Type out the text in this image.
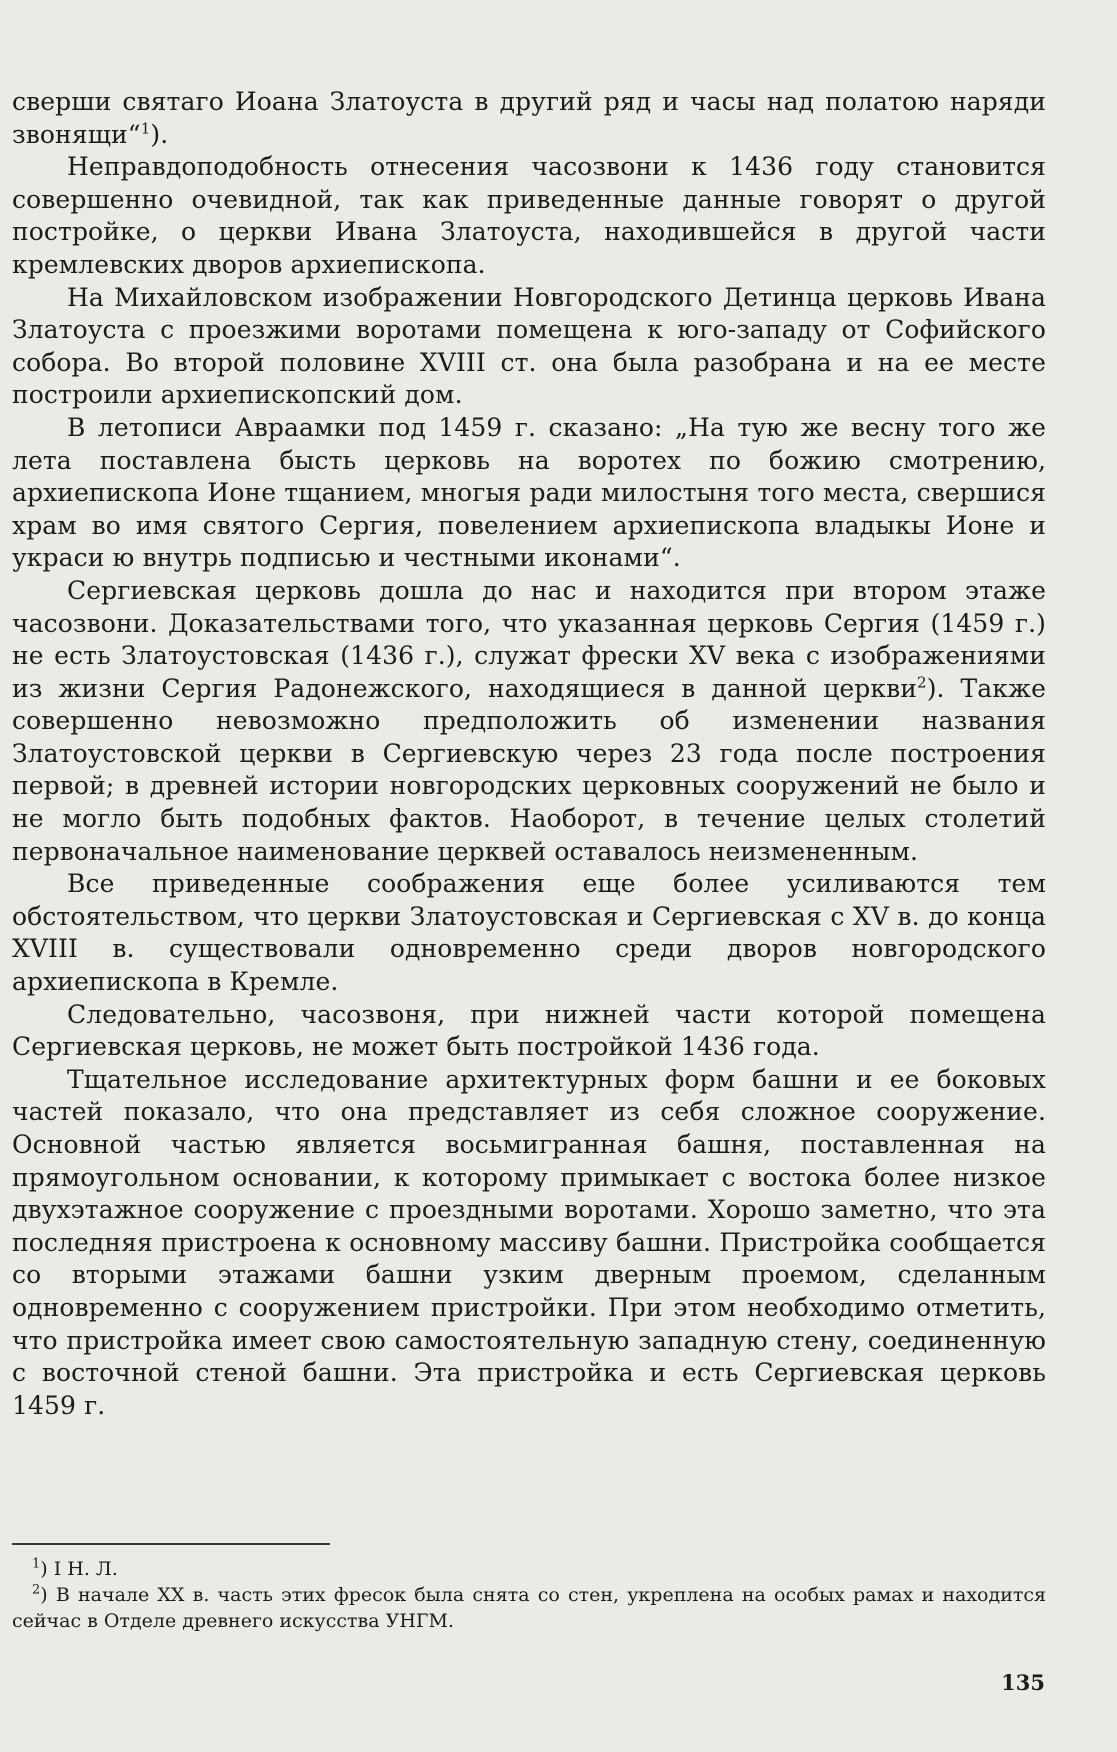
сверши святаго Иоана Златоуста в другий ряд и часы над полатою наряди звонящи“$^1$).

Неправдоподобность отнесения часозвони к 1436 году становится совершенно очевидной, так как приведенные данные говорят о другой постройке, о церкви Ивана Златоуста, находившейся в другой части кремлевских дворов архиепископа.

На Михайловском изображении Новгородского Детинца церковь Ивана Златоуста с проезжими воротами помещена к юго-западу от Софийского собора. Во второй половине XVIII ст. она была разобрана и на ее месте построили архиепископский дом.

В летописи Авраамки под 1459 г. сказано: „На тую же весну того же лета поставлена бысть церковь на воротех по божию смотрению, архиепископа Ионе тщанием, многыя ради милостыня того места, свершися храм во имя святого Сергия, повелением архиепископа владыкы Ионе и украси ю внутрь подписью и честными иконами“.

Сергиевская церковь дошла до нас и находится при втором этаже часозвони. Доказательствами того, что указанная церковь Сергия (1459 г.) не есть Златоустовская (1436 г.), служат фрески XV века с изображениями из жизни Сергия Радонежского, находящиеся в данной церкви$^2$). Также совершенно невозможно предположить об изменении названия Златоустовской церкви в Сергиевскую через 23 года после построения первой; в древней истории новгородских церковных сооружений не было и не могло быть подобных фактов. Наоборот, в течение целых столетий первоначальное наименование церквей оставалось неизмененным.

Все приведенные соображения еще более усиливаются тем обстоятельством, что церкви Златоустовская и Сергиевская с XV в. до конца XVIII в. существовали одновременно среди дворов новгородского архиепископа в Кремле.

Следовательно, часозвоня, при нижней части которой помещена Сергиевская церковь, не может быть постройкой 1436 года.

Тщательное исследование архитектурных форм башни и ее боковых частей показало, что она представляет из себя сложное сооружение. Основной частью является восьмигранная башня, поставленная на прямоугольном основании, к которому примыкает с востока более низкое двухэтажное сооружение с проездными воротами. Хорошо заметно, что эта последняя пристроена к основному массиву башни. Пристройка сообщается со вторыми этажами башни узким дверным проемом, сделанным одновременно с сооружением пристройки. При этом необходимо отметить, что пристройка имеет свою самостоятельную западную стену, соединенную с восточной стеной башни. Эта пристройка и есть Сергиевская церковь 1459 г.

$^1$) I Н. Л.

$^2$) В начале XX в. часть этих фресок была снята со стен, укреплена на особых рамах и находится сейчас в Отделе древнего искусства УНГМ.

135
